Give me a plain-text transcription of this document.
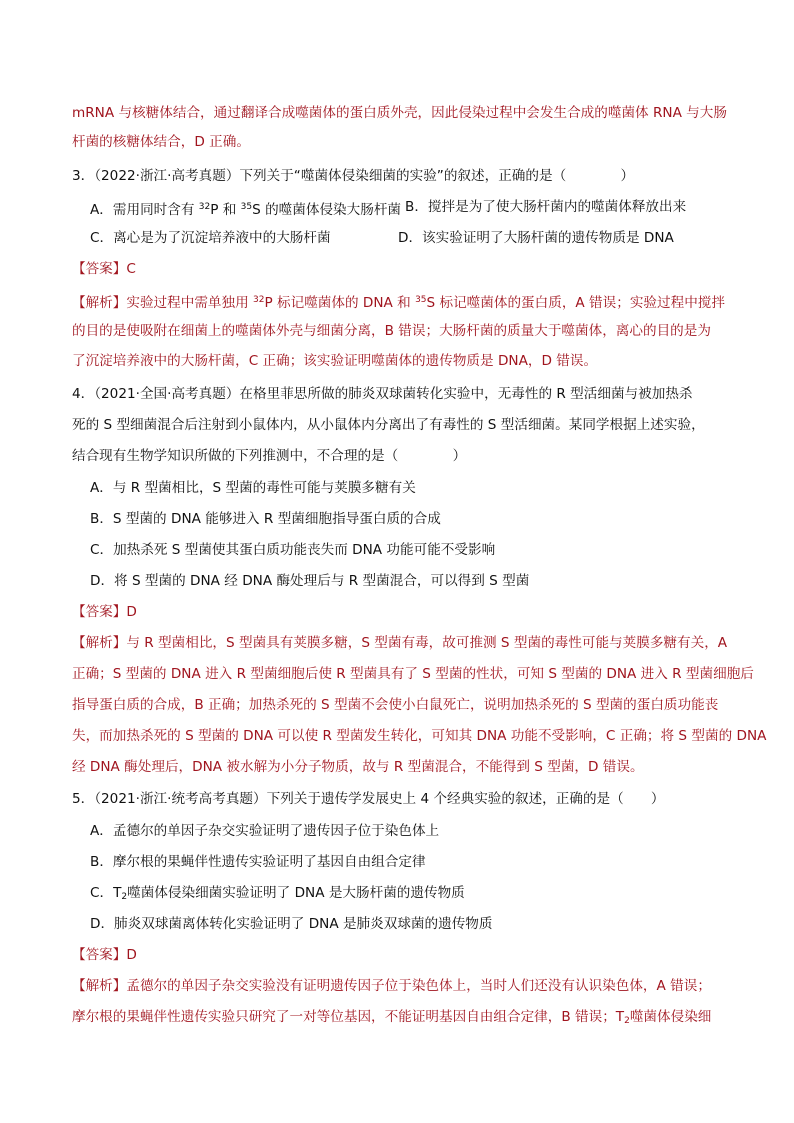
mRNA 与核糖体结合，通过翻译合成噬菌体的蛋白质外壳，因此侵染过程中会发生合成的噬菌体 RNA 与大肠
杆菌的核糖体结合，D 正确。
3．（2022·浙江·高考真题）下列关于“噬菌体侵染细菌的实验”的叙述，正确的是（　　　　）
A．需用同时含有 $^{32}$P 和 $^{35}$S 的噬菌体侵染大肠杆菌 B．搅拌是为了使大肠杆菌内的噬菌体释放出来
C．离心是为了沉淀培养液中的大肠杆菌	D．该实验证明了大肠杆菌的遗传物质是 DNA
【答案】C
【解析】实验过程中需单独用 $^{32}$P 标记噬菌体的 DNA 和 $^{35}$S 标记噬菌体的蛋白质，A 错误；实验过程中搅拌
的目的是使吸附在细菌上的噬菌体外壳与细菌分离，B 错误；大肠杆菌的质量大于噬菌体，离心的目的是为
了沉淀培养液中的大肠杆菌，C 正确；该实验证明噬菌体的遗传物质是 DNA，D 错误。
4．（2021·全国·高考真题）在格里菲思所做的肺炎双球菌转化实验中，无毒性的 R 型活细菌与被加热杀
死的 S 型细菌混合后注射到小鼠体内，从小鼠体内分离出了有毒性的 S 型活细菌。某同学根据上述实验，
结合现有生物学知识所做的下列推测中，不合理的是（　　　　）
A．与 R 型菌相比，S 型菌的毒性可能与荚膜多糖有关
B．S 型菌的 DNA 能够进入 R 型菌细胞指导蛋白质的合成
C．加热杀死 S 型菌使其蛋白质功能丧失而 DNA 功能可能不受影响
D．将 S 型菌的 DNA 经 DNA 酶处理后与 R 型菌混合，可以得到 S 型菌
【答案】D
【解析】与 R 型菌相比，S 型菌具有荚膜多糖，S 型菌有毒，故可推测 S 型菌的毒性可能与荚膜多糖有关，A
正确；S 型菌的 DNA 进入 R 型菌细胞后使 R 型菌具有了 S 型菌的性状，可知 S 型菌的 DNA 进入 R 型菌细胞后
指导蛋白质的合成，B 正确；加热杀死的 S 型菌不会使小白鼠死亡，说明加热杀死的 S 型菌的蛋白质功能丧
失，而加热杀死的 S 型菌的 DNA 可以使 R 型菌发生转化，可知其 DNA 功能不受影响，C 正确；将 S 型菌的 DNA
经 DNA 酶处理后，DNA 被水解为小分子物质，故与 R 型菌混合，不能得到 S 型菌，D 错误。
5．（2021·浙江·统考高考真题）下列关于遗传学发展史上 4 个经典实验的叙述，正确的是（　　）
A．孟德尔的单因子杂交实验证明了遗传因子位于染色体上
B．摩尔根的果蝇伴性遗传实验证明了基因自由组合定律
C．$T_2$噬菌体侵染细菌实验证明了 DNA 是大肠杆菌的遗传物质
D．肺炎双球菌离体转化实验证明了 DNA 是肺炎双球菌的遗传物质
【答案】D
【解析】孟德尔的单因子杂交实验没有证明遗传因子位于染色体上，当时人们还没有认识染色体，A 错误；
摩尔根的果蝇伴性遗传实验只研究了一对等位基因，不能证明基因自由组合定律，B 错误；$T_2$噬菌体侵染细
